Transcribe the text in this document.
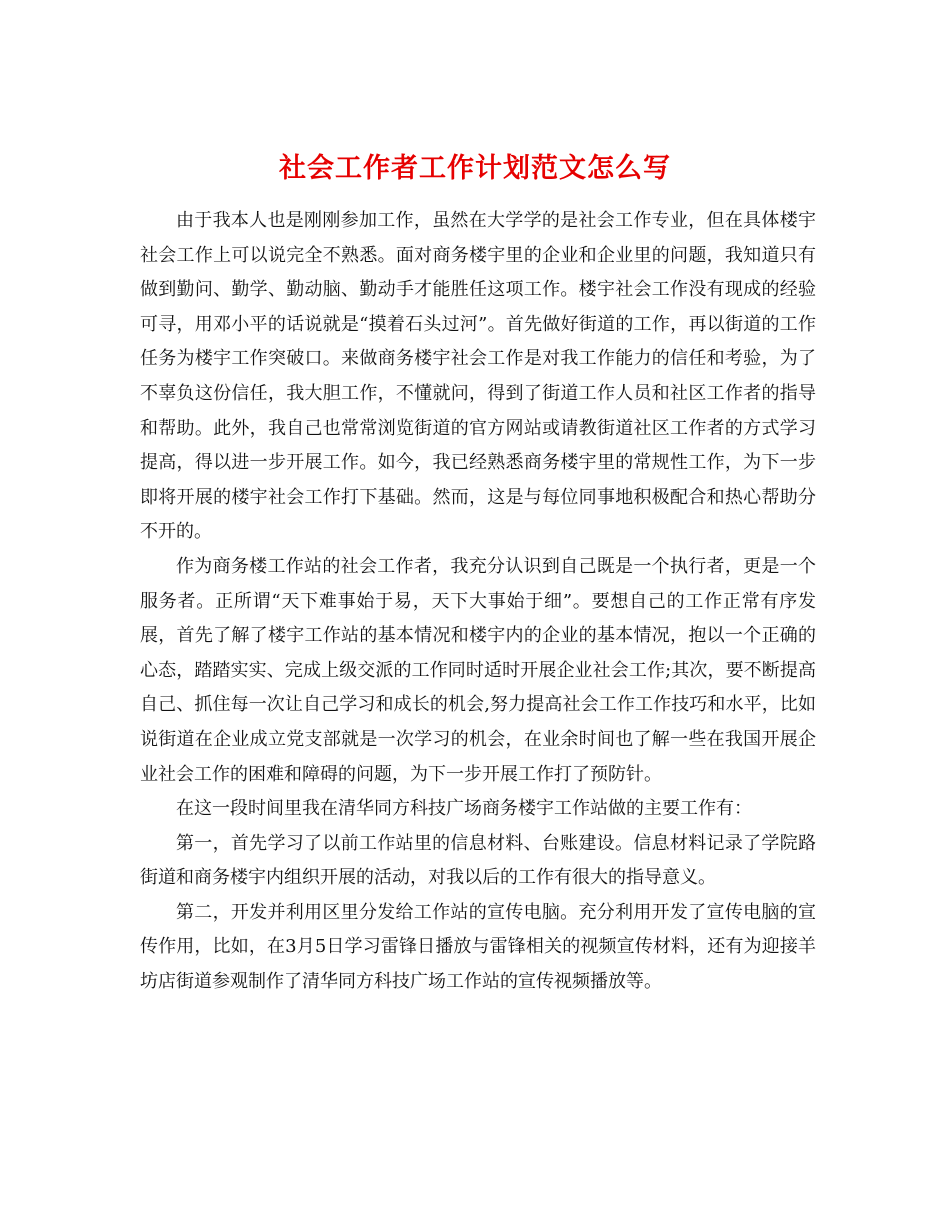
社会工作者工作计划范文怎么写

由于我本人也是刚刚参加工作，虽然在大学学的是社会工作专业，但在具体楼宇社会工作上可以说完全不熟悉。面对商务楼宇里的企业和企业里的问题，我知道只有做到勤问、勤学、勤动脑、勤动手才能胜任这项工作。楼宇社会工作没有现成的经验可寻，用邓小平的话说就是“摸着石头过河”。首先做好街道的工作，再以街道的工作任务为楼宇工作突破口。来做商务楼宇社会工作是对我工作能力的信任和考验，为了不辜负这份信任，我大胆工作，不懂就问，得到了街道工作人员和社区工作者的指导和帮助。此外，我自己也常常浏览街道的官方网站或请教街道社区工作者的方式学习提高，得以进一步开展工作。如今，我已经熟悉商务楼宇里的常规性工作，为下一步即将开展的楼宇社会工作打下基础。然而，这是与每位同事地积极配合和热心帮助分不开的。

作为商务楼工作站的社会工作者，我充分认识到自己既是一个执行者，更是一个服务者。正所谓“天下难事始于易，天下大事始于细”。要想自己的工作正常有序发展，首先了解了楼宇工作站的基本情况和楼宇内的企业的基本情况，抱以一个正确的心态，踏踏实实、完成上级交派的工作同时适时开展企业社会工作;其次，要不断提高自己、抓住每一次让自己学习和成长的机会,努力提高社会工作工作技巧和水平，比如说街道在企业成立党支部就是一次学习的机会，在业余时间也了解一些在我国开展企业社会工作的困难和障碍的问题，为下一步开展工作打了预防针。

在这一段时间里我在清华同方科技广场商务楼宇工作站做的主要工作有：

第一，首先学习了以前工作站里的信息材料、台账建设。信息材料记录了学院路街道和商务楼宇内组织开展的活动，对我以后的工作有很大的指导意义。

第二，开发并利用区里分发给工作站的宣传电脑。充分利用开发了宣传电脑的宣传作用，比如，在3月5日学习雷锋日播放与雷锋相关的视频宣传材料，还有为迎接羊坊店街道参观制作了清华同方科技广场工作站的宣传视频播放等。
